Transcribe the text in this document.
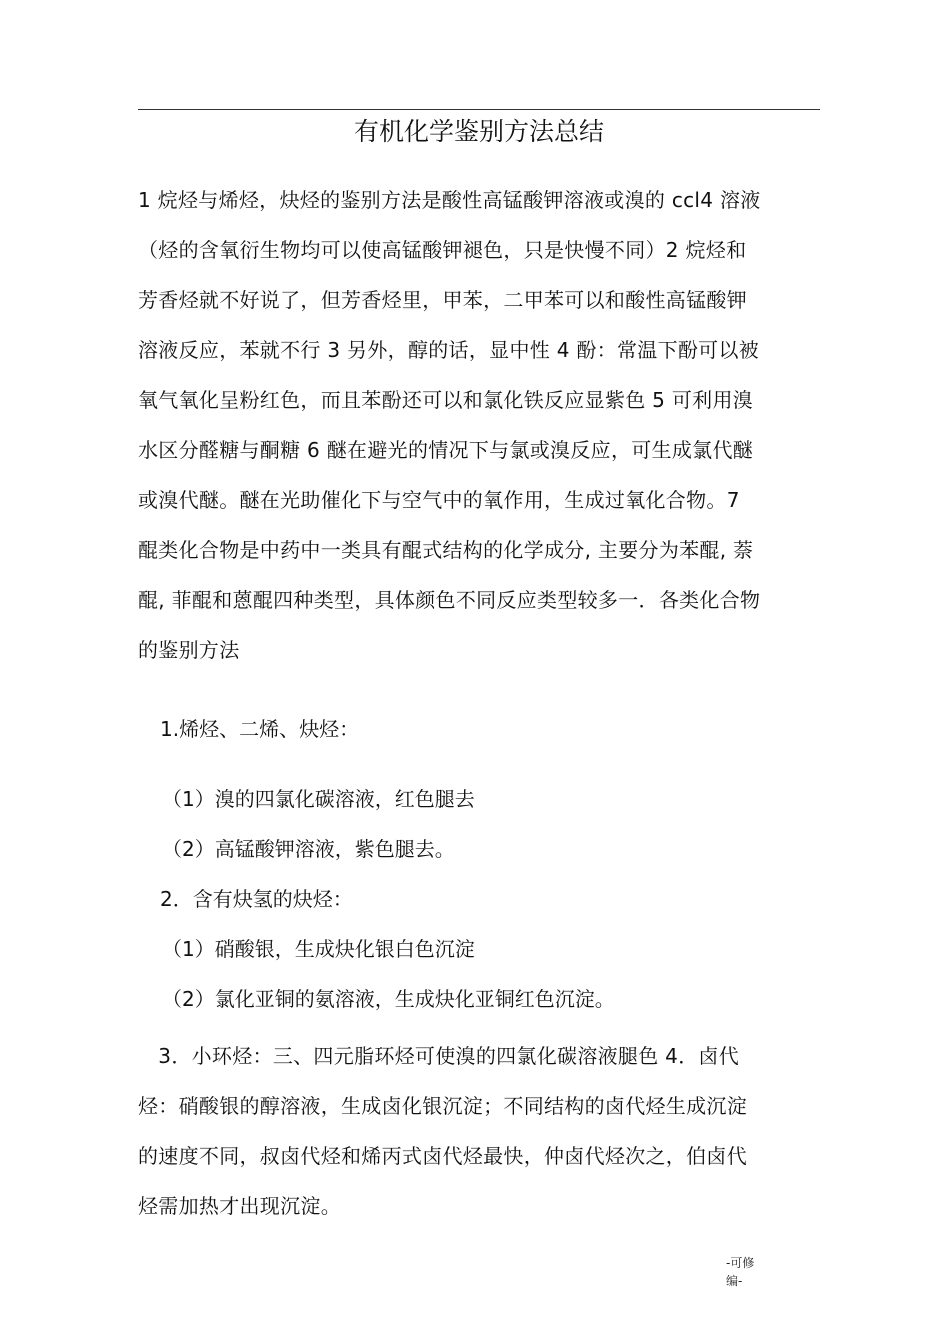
有机化学鉴别方法总结
1 烷烃与烯烃，炔烃的鉴别方法是酸性高锰酸钾溶液或溴的 ccl4 溶液
（烃的含氧衍生物均可以使高锰酸钾褪色，只是快慢不同）2 烷烃和
芳香烃就不好说了，但芳香烃里，甲苯，二甲苯可以和酸性高锰酸钾
溶液反应，苯就不行 3 另外，醇的话，显中性 4 酚：常温下酚可以被
氧气氧化呈粉红色，而且苯酚还可以和氯化铁反应显紫色 5 可利用溴
水区分醛糖与酮糖 6 醚在避光的情况下与氯或溴反应，可生成氯代醚
或溴代醚。醚在光助催化下与空气中的氧作用，生成过氧化合物。7
醌类化合物是中药中一类具有醌式结构的化学成分, 主要分为苯醌, 萘
醌, 菲醌和蒽醌四种类型，具体颜色不同反应类型较多一．各类化合物
的鉴别方法

1.烯烃、二烯、炔烃：

（1）溴的四氯化碳溶液，红色腿去

（2）高锰酸钾溶液，紫色腿去。

2．含有炔氢的炔烃：

（1）硝酸银，生成炔化银白色沉淀

（2）氯化亚铜的氨溶液，生成炔化亚铜红色沉淀。

　3．小环烃：三、四元脂环烃可使溴的四氯化碳溶液腿色 4．卤代
烃：硝酸银的醇溶液，生成卤化银沉淀；不同结构的卤代烃生成沉淀
的速度不同，叔卤代烃和烯丙式卤代烃最快，仲卤代烃次之，伯卤代
烃需加热才出现沉淀。
-可修
编-
